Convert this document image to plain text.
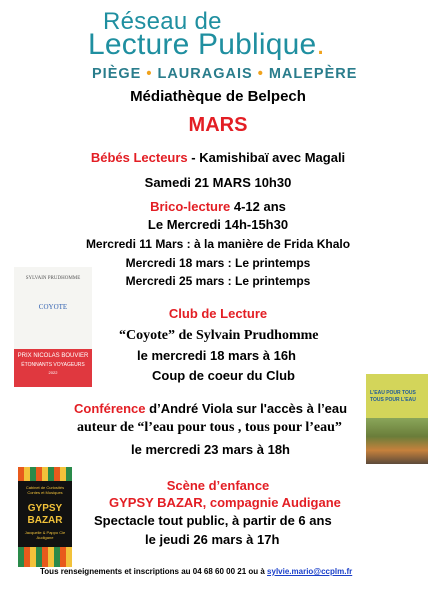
Réseau de
Lecture Publique.
PIÈGE • LAURAGAIS • MALEPÈRE
Médiathèque de Belpech
MARS
Bébés Lecteurs - Kamishibaï avec Magali
Samedi 21 MARS 10h30
Brico-lecture 4-12 ans
Le Mercredi 14h-15h30
Mercredi 11 Mars : à la manière de Frida Khalo
Mercredi 18 mars : Le printemps
Mercredi 25 mars : Le printemps
SYLVAIN PRUDHOMME
COYOTE
PRIX NICOLAS BOUVIER
ÉTONNANTS VOYAGEURS
2022
Club de Lecture
“Coyote” de Sylvain Prudhomme
le mercredi 18 mars à 16h
Coup de coeur du Club
L'EAU POUR TOUS
TOUS POUR L'EAU
Conférence d’André Viola sur l'accès à l’eau
auteur de “l’eau pour tous , tous pour l’eau”
le mercredi 23 mars à 18h
Cabinet de Curiosités Contes et Musiques
GYPSY
BAZAR
Jacquelie & Pappo Cie Audigane
Scène d’enfance
GYPSY BAZAR, compagnie Audigane
Spectacle tout public, à partir de 6 ans
le jeudi 26 mars à 17h
Tous renseignements et inscriptions au 04 68 60 00 21 ou à sylvie.mario@ccplm.fr
